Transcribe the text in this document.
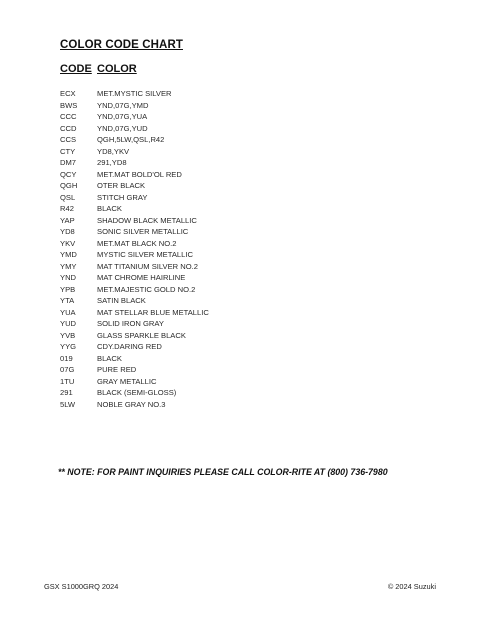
COLOR CODE CHART
CODE COLOR
ECX	MET.MYSTIC SILVER
BWS	YND,07G,YMD
CCC	YND,07G,YUA
CCD	YND,07G,YUD
CCS	QGH,5LW,QSL,R42
CTY	YD8,YKV
DM7	291,YD8
QCY	MET.MAT BOLD'OL RED
QGH	OTER BLACK
QSL	STITCH GRAY
R42	BLACK
YAP	SHADOW BLACK METALLIC
YD8	SONIC SILVER METALLIC
YKV	MET.MAT BLACK NO.2
YMD	MYSTIC SILVER METALLIC
YMY	MAT TITANIUM SILVER NO.2
YND	MAT CHROME HAIRLINE
YPB	MET.MAJESTIC GOLD NO.2
YTA	SATIN BLACK
YUA	MAT STELLAR BLUE METALLIC
YUD	SOLID IRON GRAY
YVB	GLASS SPARKLE BLACK
YYG	CDY.DARING RED
019	BLACK
07G	PURE RED
1TU	GRAY METALLIC
291	BLACK (SEMI-GLOSS)
5LW	NOBLE GRAY NO.3
** NOTE: FOR PAINT INQUIRIES PLEASE CALL COLOR-RITE AT (800) 736-7980
GSX S1000GRQ 2024	© 2024 Suzuki
